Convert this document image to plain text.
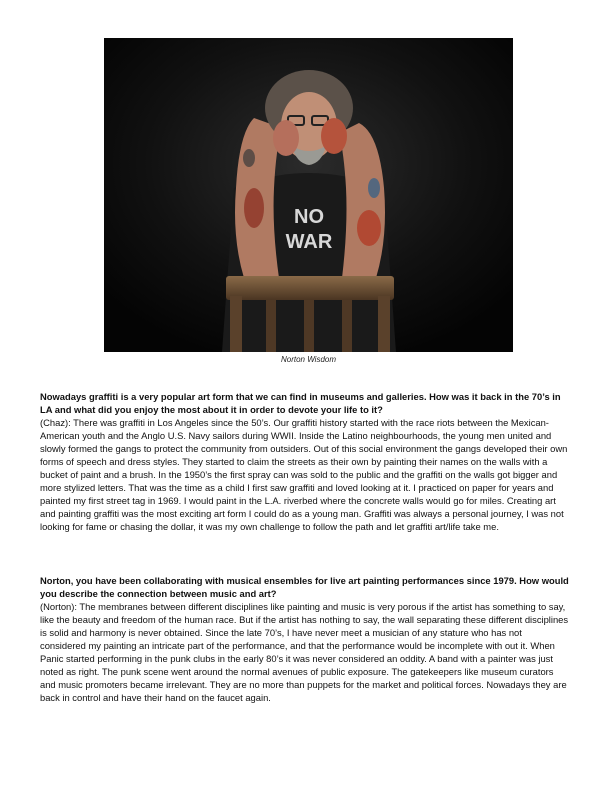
NO
WAR
Norton Wisdom

Nowadays graffiti is a very popular art form that we can find in museums and galleries. How was it back in the 70’s in LA and what did you enjoy the most about it in order to devote your life to it?

(Chaz): There was graffiti in Los Angeles since the 50’s. Our graffiti history started with the race riots between the Mexican-American youth and the Anglo U.S. Navy sailors during WWII. Inside the Latino neighbourhoods, the young men united and slowly formed the gangs to protect the community from outsiders. Out of this social environment the gangs developed their own forms of speech and dress styles. They started to claim the streets as their own by painting their names on the walls with a bucket of paint and a brush. In the 1950’s the first spray can was sold to the public and the graffiti on the walls got bigger and more stylized letters. That was the time as a child I first saw graffiti and loved looking at it. I practiced on paper for years and painted my first street tag in 1969. I would paint in the L.A. riverbed where the concrete walls would go for miles. Creating art and painting graffiti was the most exciting art form I could do as a young man. Graffiti was always a personal journey, I was not looking for fame or chasing the dollar, it was my own challenge to follow the path and let graffiti art/life take me.

Norton, you have been collaborating with musical ensembles for live art painting performances since 1979. How would you describe the connection between music and art?

(Norton): The membranes between different disciplines like painting and music is very porous if the artist has something to say, like the beauty and freedom of the human race. But if the artist has nothing to say, the wall separating these different disciplines is solid and harmony is never obtained. Since the late 70’s, I have never meet a musician of any stature who has not considered my painting an intricate part of the performance, and that the performance would be incomplete with out it. When Panic started performing in the punk clubs in the early 80’s it was never considered an oddity. A band with a painter was just noted as right. The punk scene went around the normal avenues of public exposure. The gatekeepers like museum curators and music promoters became irrelevant. They are no more than puppets for the market and political forces. Nowadays they are back in control and have their hand on the faucet again.
